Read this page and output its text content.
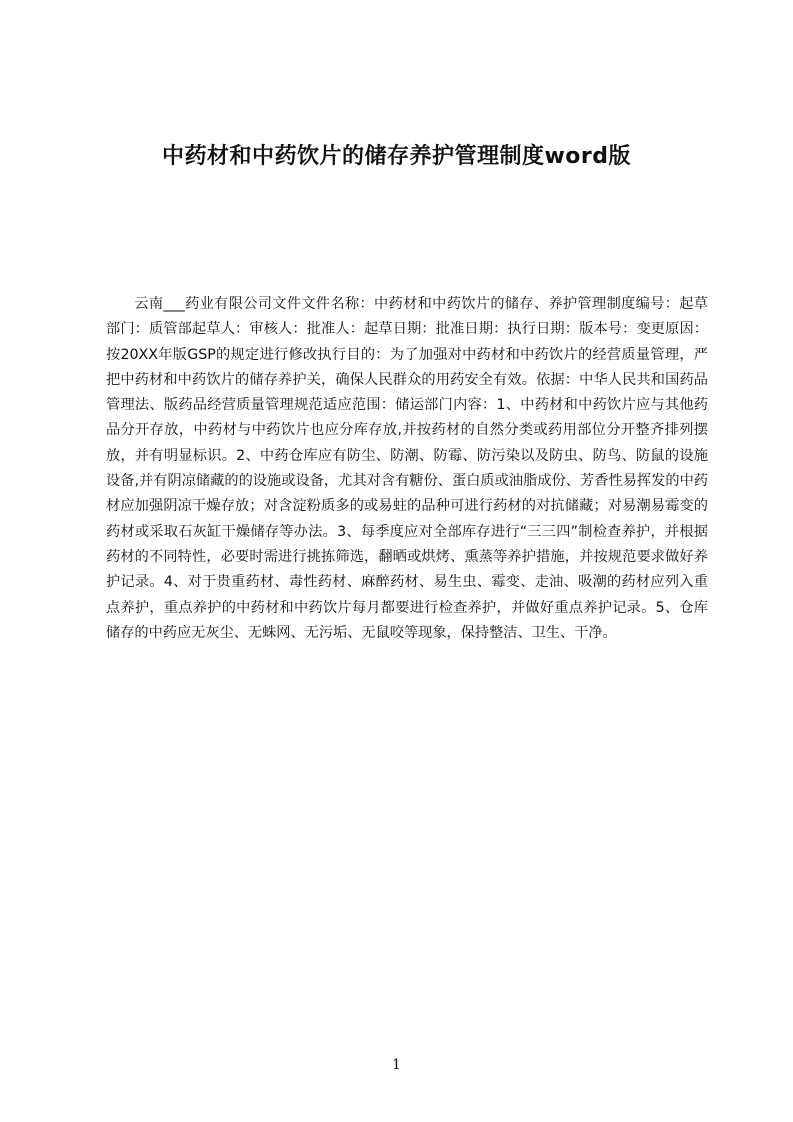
中药材和中药饮片的储存养护管理制度word版

云南___药业有限公司文件文件名称：中药材和中药饮片的储存、养护管理制度编号：起草部门：质管部起草人：审核人：批准人：起草日期：批准日期：执行日期：版本号：变更原因：按20XX年版GSP的规定进行修改执行目的：为了加强对中药材和中药饮片的经营质量管理，严把中药材和中药饮片的储存养护关，确保人民群众的用药安全有效。依据：中华人民共和国药品管理法、版药品经营质量管理规范适应范围：储运部门内容：1、中药材和中药饮片应与其他药品分开存放，中药材与中药饮片也应分库存放,并按药材的自然分类或药用部位分开整齐排列摆放，并有明显标识。2、中药仓库应有防尘、防潮、防霉、防污染以及防虫、防鸟、防鼠的设施设备,并有阴凉储藏的的设施或设备，尤其对含有糖份、蛋白质或油脂成份、芳香性易挥发的中药材应加强阴凉干燥存放；对含淀粉质多的或易蛀的品种可进行药材的对抗储藏；对易潮易霉变的药材或采取石灰缸干燥储存等办法。3、每季度应对全部库存进行“三三四”制检查养护，并根据药材的不同特性，必要时需进行挑拣筛选，翻晒或烘烤、熏蒸等养护措施，并按规范要求做好养护记录。4、对于贵重药材、毒性药材、麻醉药材、易生虫、霉变、走油、吸潮的药材应列入重点养护，重点养护的中药材和中药饮片每月都要进行检查养护，并做好重点养护记录。5、仓库储存的中药应无灰尘、无蛛网、无污垢、无鼠咬等现象，保持整洁、卫生、干净。

1
